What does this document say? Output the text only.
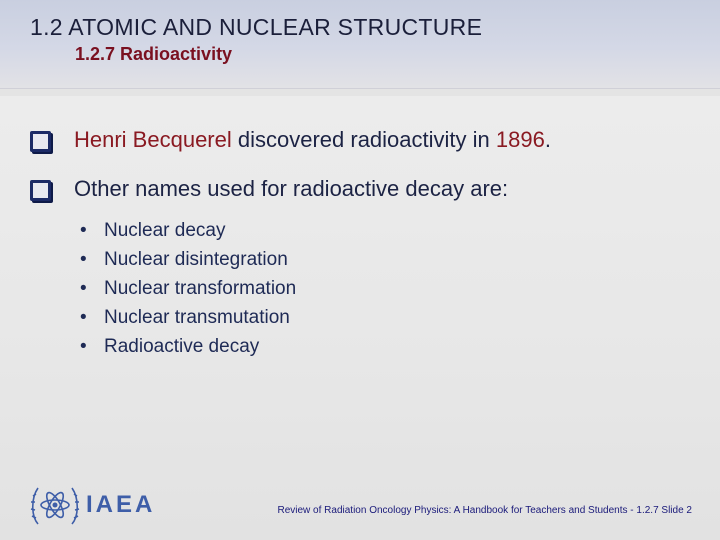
1.2 ATOMIC AND NUCLEAR STRUCTURE
1.2.7 Radioactivity
Henri Becquerel discovered radioactivity in 1896.
Other names used for radioactive decay are:
• Nuclear decay
• Nuclear disintegration
• Nuclear transformation
• Nuclear transmutation
• Radioactive decay
IAEA	Review of Radiation Oncology Physics: A Handbook for Teachers and Students - 1.2.7 Slide 2
